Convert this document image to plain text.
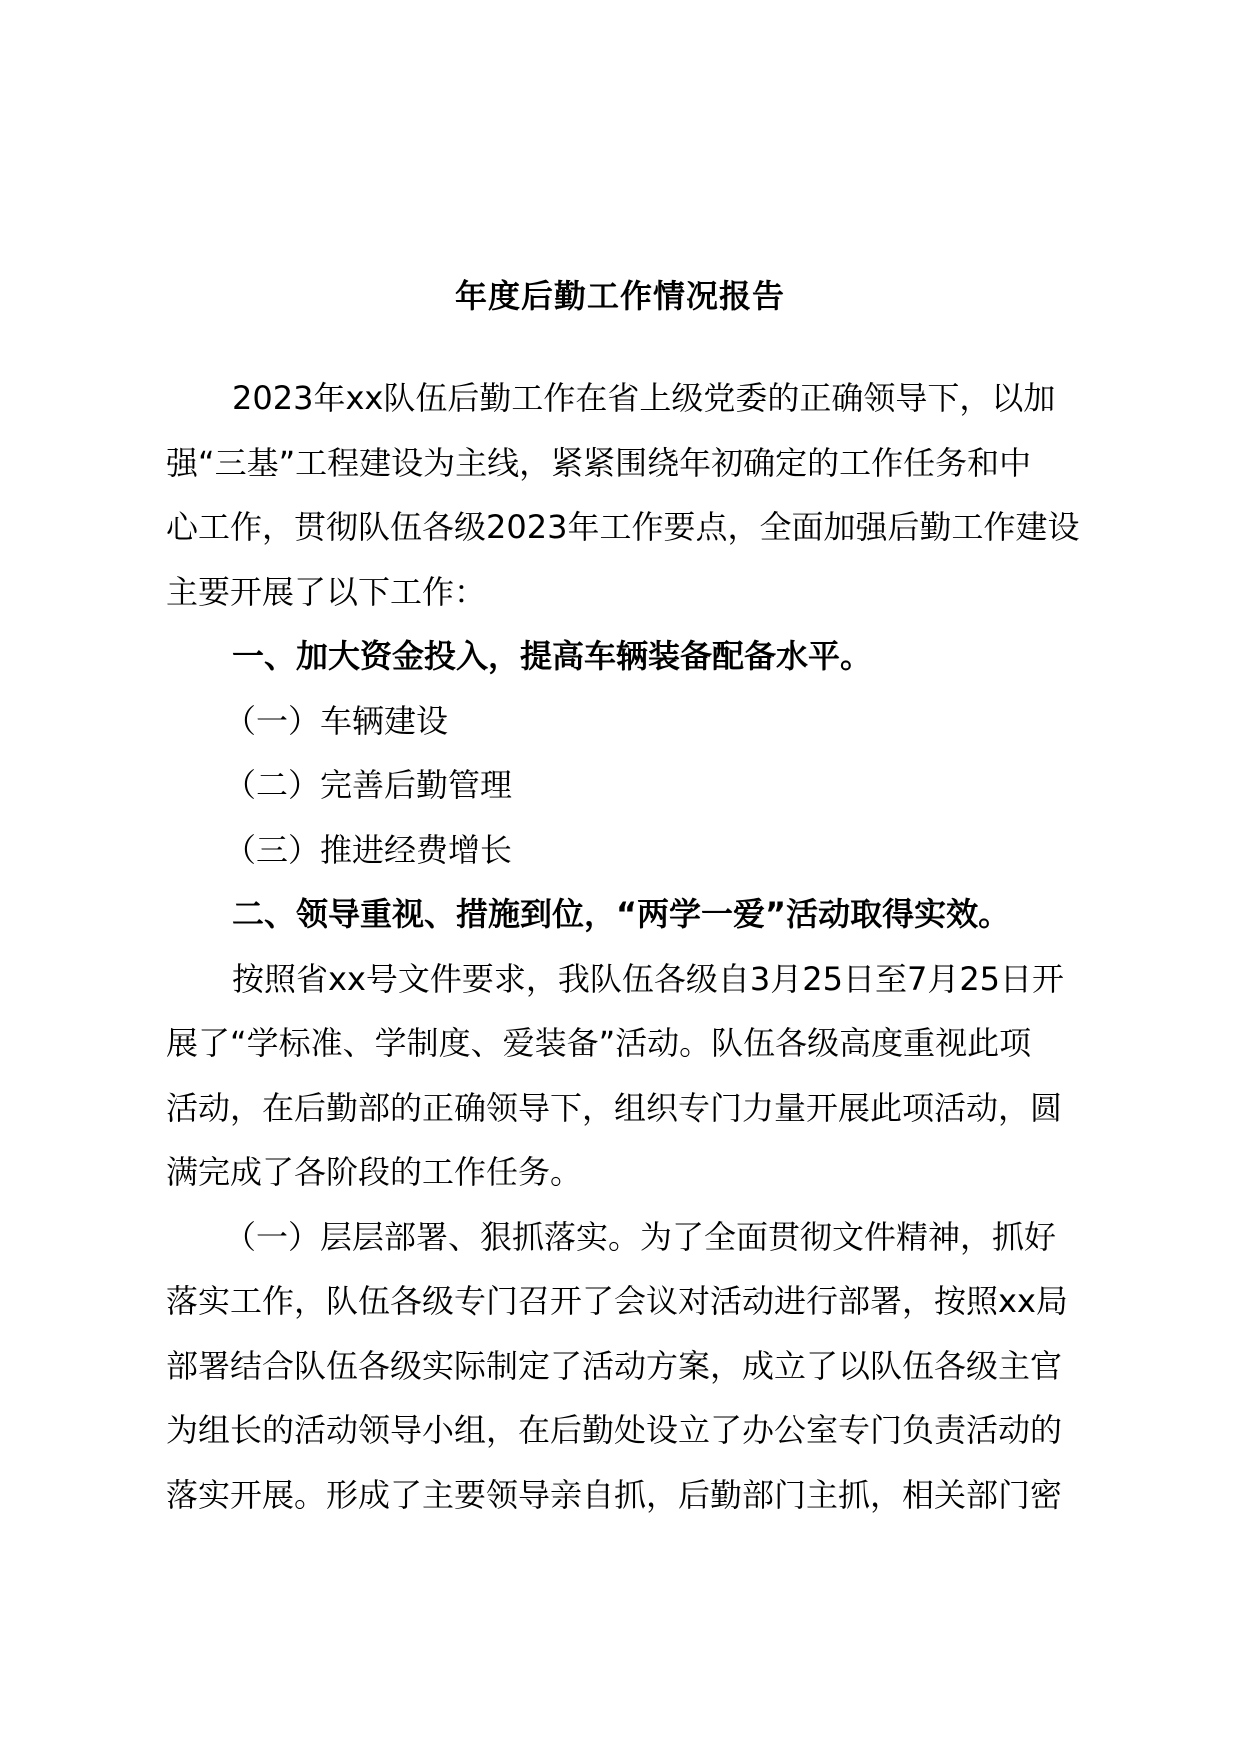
年度后勤工作情况报告
2023年xx队伍后勤工作在省上级党委的正确领导下，以加
强“三基”工程建设为主线，紧紧围绕年初确定的工作任务和中
心工作，贯彻队伍各级2023年工作要点，全面加强后勤工作建设
主要开展了以下工作：
一、加大资金投入，提高车辆装备配备水平。
（一）车辆建设
（二）完善后勤管理
（三）推进经费增长
二、领导重视、措施到位，“两学一爱”活动取得实效。
按照省xx号文件要求，我队伍各级自3月25日至7月25日开
展了“学标准、学制度、爱装备”活动。队伍各级高度重视此项
活动，在后勤部的正确领导下，组织专门力量开展此项活动，圆
满完成了各阶段的工作任务。
（一）层层部署、狠抓落实。为了全面贯彻文件精神，抓好
落实工作，队伍各级专门召开了会议对活动进行部署，按照xx局
部署结合队伍各级实际制定了活动方案，成立了以队伍各级主官
为组长的活动领导小组，在后勤处设立了办公室专门负责活动的
落实开展。形成了主要领导亲自抓，后勤部门主抓，相关部门密
